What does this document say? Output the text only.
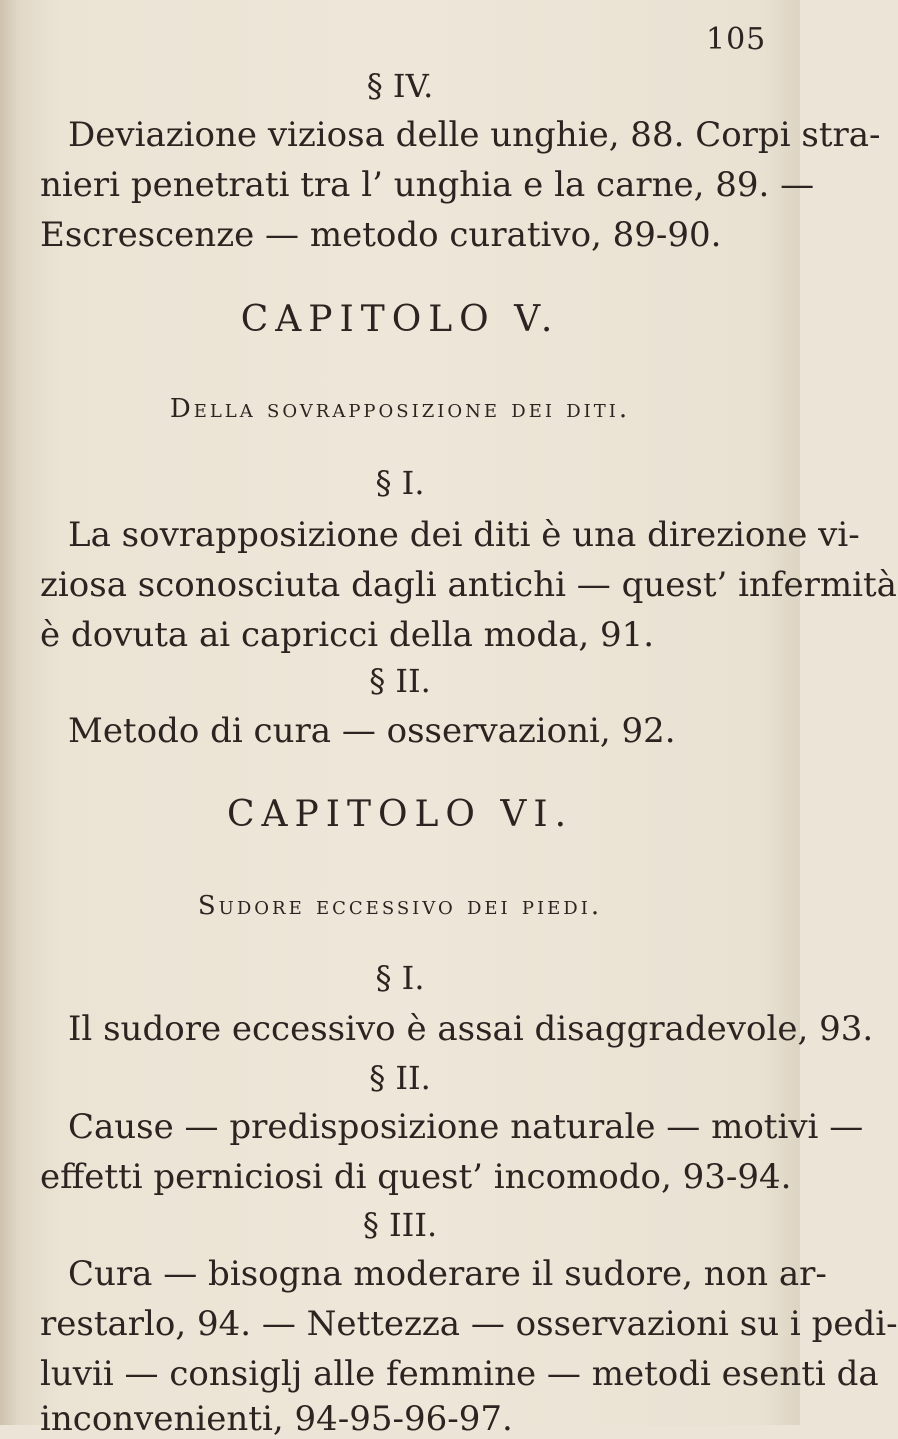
105
§ IV.
Deviazione viziosa delle unghie, 88. Corpi stra-
nieri penetrati tra l’ unghia e la carne, 89. —
Escrescenze — metodo curativo, 89-90.
CAPITOLO V.
Della sovrapposizione dei diti.
§ I.
La sovrapposizione dei diti è una direzione vi-
ziosa sconosciuta dagli antichi — quest’ infermità
è dovuta ai capricci della moda, 91.
§ II.
Metodo di cura — osservazioni, 92.
CAPITOLO VI.
Sudore eccessivo dei piedi.
§ I.
Il sudore eccessivo è assai disaggradevole, 93.
§ II.
Cause — predisposizione naturale — motivi —
effetti perniciosi di quest’ incomodo, 93-94.
§ III.
Cura — bisogna moderare il sudore, non ar-
restarlo, 94. — Nettezza — osservazioni su i pedi-
luvii — consiglj alle femmine — metodi esenti da
inconvenienti, 94-95-96-97.
